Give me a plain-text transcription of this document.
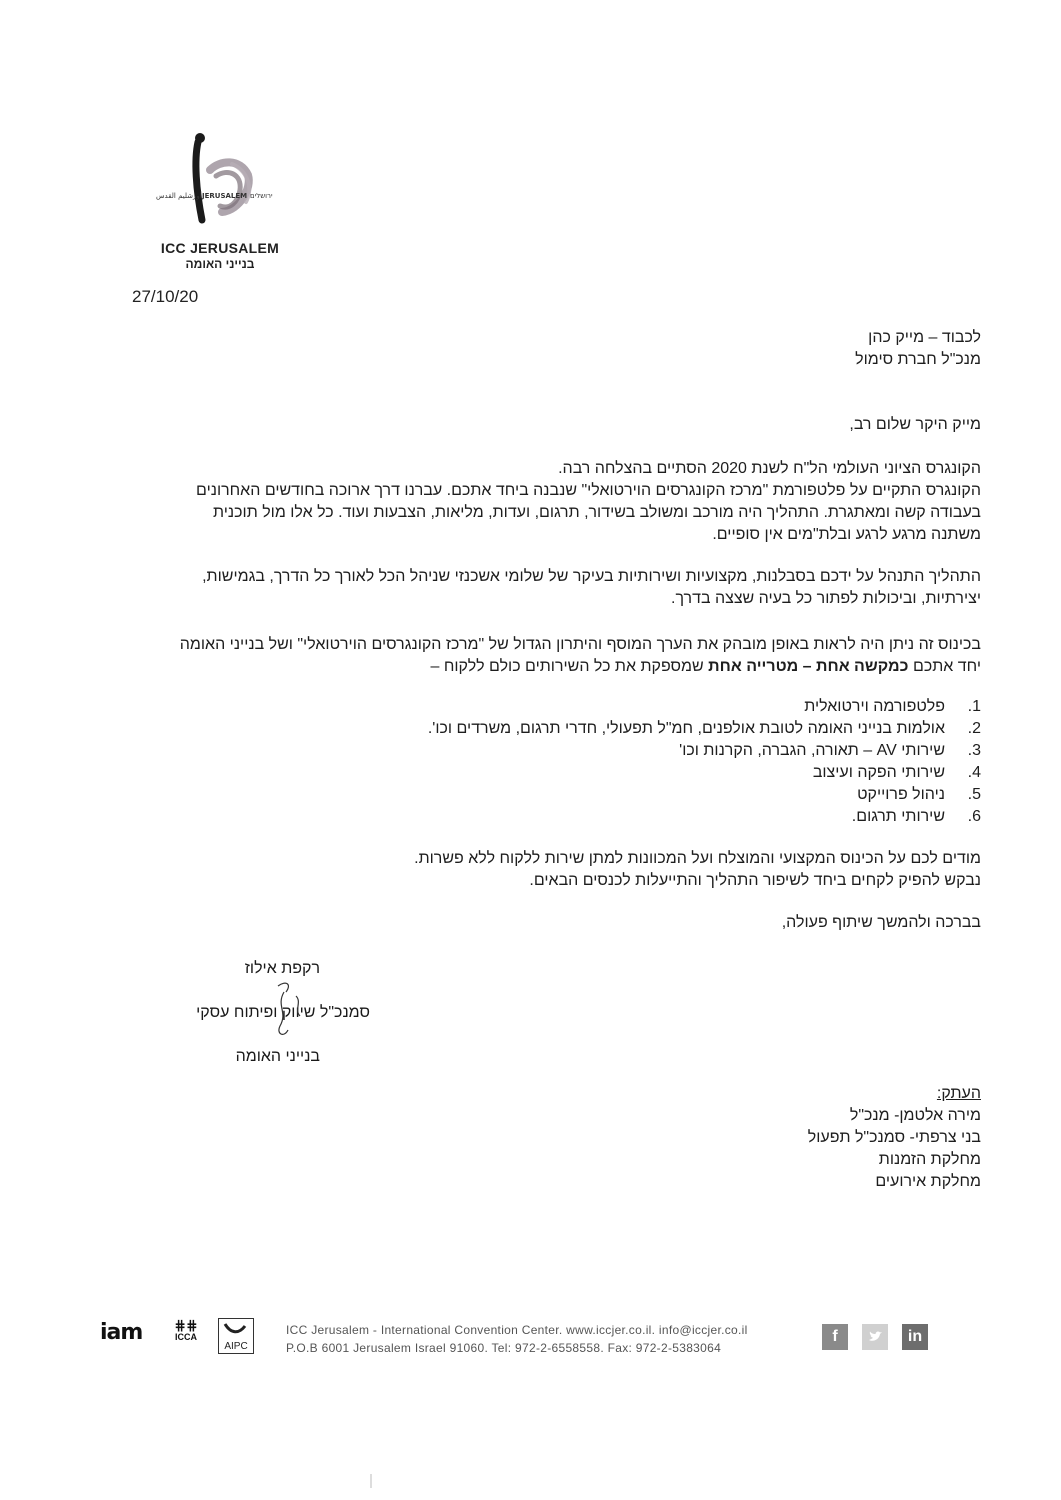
أورشليم القدس JERUSALEM ירושלים
ICC JERUSALEM
בנייני האומה
27/10/20
לכבוד – מייק כהן
מנכ"ל חברת סימול
מייק היקר שלום רב,
הקונגרס הציוני העולמי הל"ח לשנת 2020 הסתיים בהצלחה רבה.
הקונגרס התקיים על פלטפורמת "מרכז הקונגרסים הוירטואלי" שנבנה ביחד אתכם. עברנו דרך ארוכה בחודשים האחרונים
בעבודה קשה ומאתגרת. התהליך היה מורכב ומשולב בשידור, תרגום, ועדות, מליאות, הצבעות ועוד. כל אלו מול תוכנית
משתנה מרגע לרגע ובלת"מים אין סופיים.
התהליך התנהל על ידכם בסבלנות, מקצועיות ושירותיות בעיקר של שלומי אשכנזי שניהל הכל לאורך כל הדרך, בגמישות,
יצירתיות, וביכולות לפתור כל בעיה שצצה בדרך.
בכינוס זה ניתן היה לראות באופן מובהק את הערך המוסף והיתרון הגדול של "מרכז הקונגרסים הוירטואלי" ושל בנייני האומה
יחד אתכם כמקשה אחת – מטרייה אחת שמספקת את כל השירותים כולם ללקוח –
1.
פלטפורמה וירטואלית
2.
אולמות בנייני האומה לטובת אולפנים, חמ"ל תפעולי, חדרי תרגום, משרדים וכו'.
3.
שירותי AV – תאורה, הגברה, הקרנות וכו'
4.
שירותי הפקה ועיצוב
5.
ניהול פרוייקט
6.
שירותי תרגום.
מודים לכם על הכינוס המקצועי והמוצלח ועל המכוונות למתן שירות ללקוח ללא פשרות.
נבקש להפיק לקחים ביחד לשיפור התהליך והתייעלות לכנסים הבאים.
בברכה ולהמשך שיתוף פעולה,
רקפת אילוז
סמנכ"ל שיווק ופיתוח עסקי
בנייני האומה
העתק:
מירה אלטמן- מנכ"ל
בני צרפתי- סמנכ"ל תפעול
מחלקת הזמנות
מחלקת אירועים
iam	⋕⋕
ICCA
AIPC
ICC Jerusalem - International Convention Center. www.iccjer.co.il. info@iccjer.co.il
P.O.B 6001 Jerusalem Israel 91060. Tel: 972-2-6558558. Fax: 972-2-5383064
f	in
